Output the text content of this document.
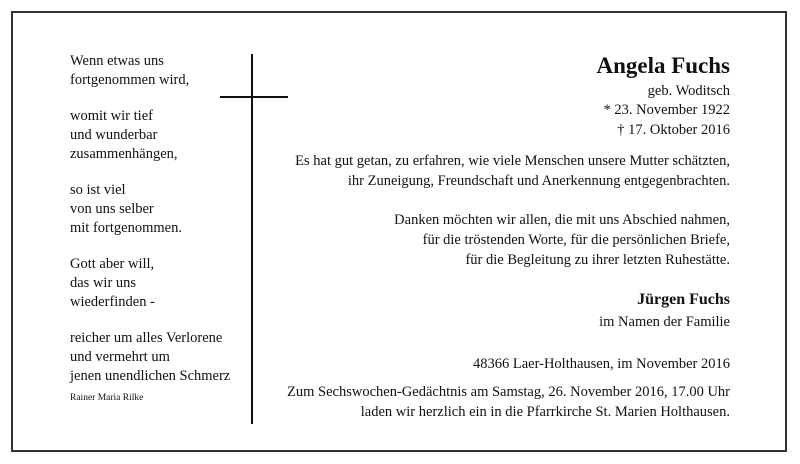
Wenn etwas uns
fortgenommen wird,
womit wir tief
und wunderbar
zusammenhängen,
so ist viel
von uns selber
mit fortgenommen.
Gott aber will,
das wir uns
wiederfinden -
reicher um alles Verlorene
und vermehrt um
jenen unendlichen Schmerz
Rainer Maria Rilke
Angela Fuchs
geb. Woditsch
* 23. November 1922
† 17. Oktober 2016
Es hat gut getan, zu erfahren, wie viele Menschen unsere Mutter schätzten,
ihr Zuneigung, Freundschaft und Anerkennung entgegenbrachten.
Danken möchten wir allen, die mit uns Abschied nahmen,
für die tröstenden Worte, für die persönlichen Briefe,
für die Begleitung zu ihrer letzten Ruhestätte.
Jürgen Fuchs
im Namen der Familie
48366 Laer-Holthausen, im November 2016
Zum Sechswochen-Gedächtnis am Samstag, 26. November 2016, 17.00 Uhr
laden wir herzlich ein in die Pfarrkirche St. Marien Holthausen.
